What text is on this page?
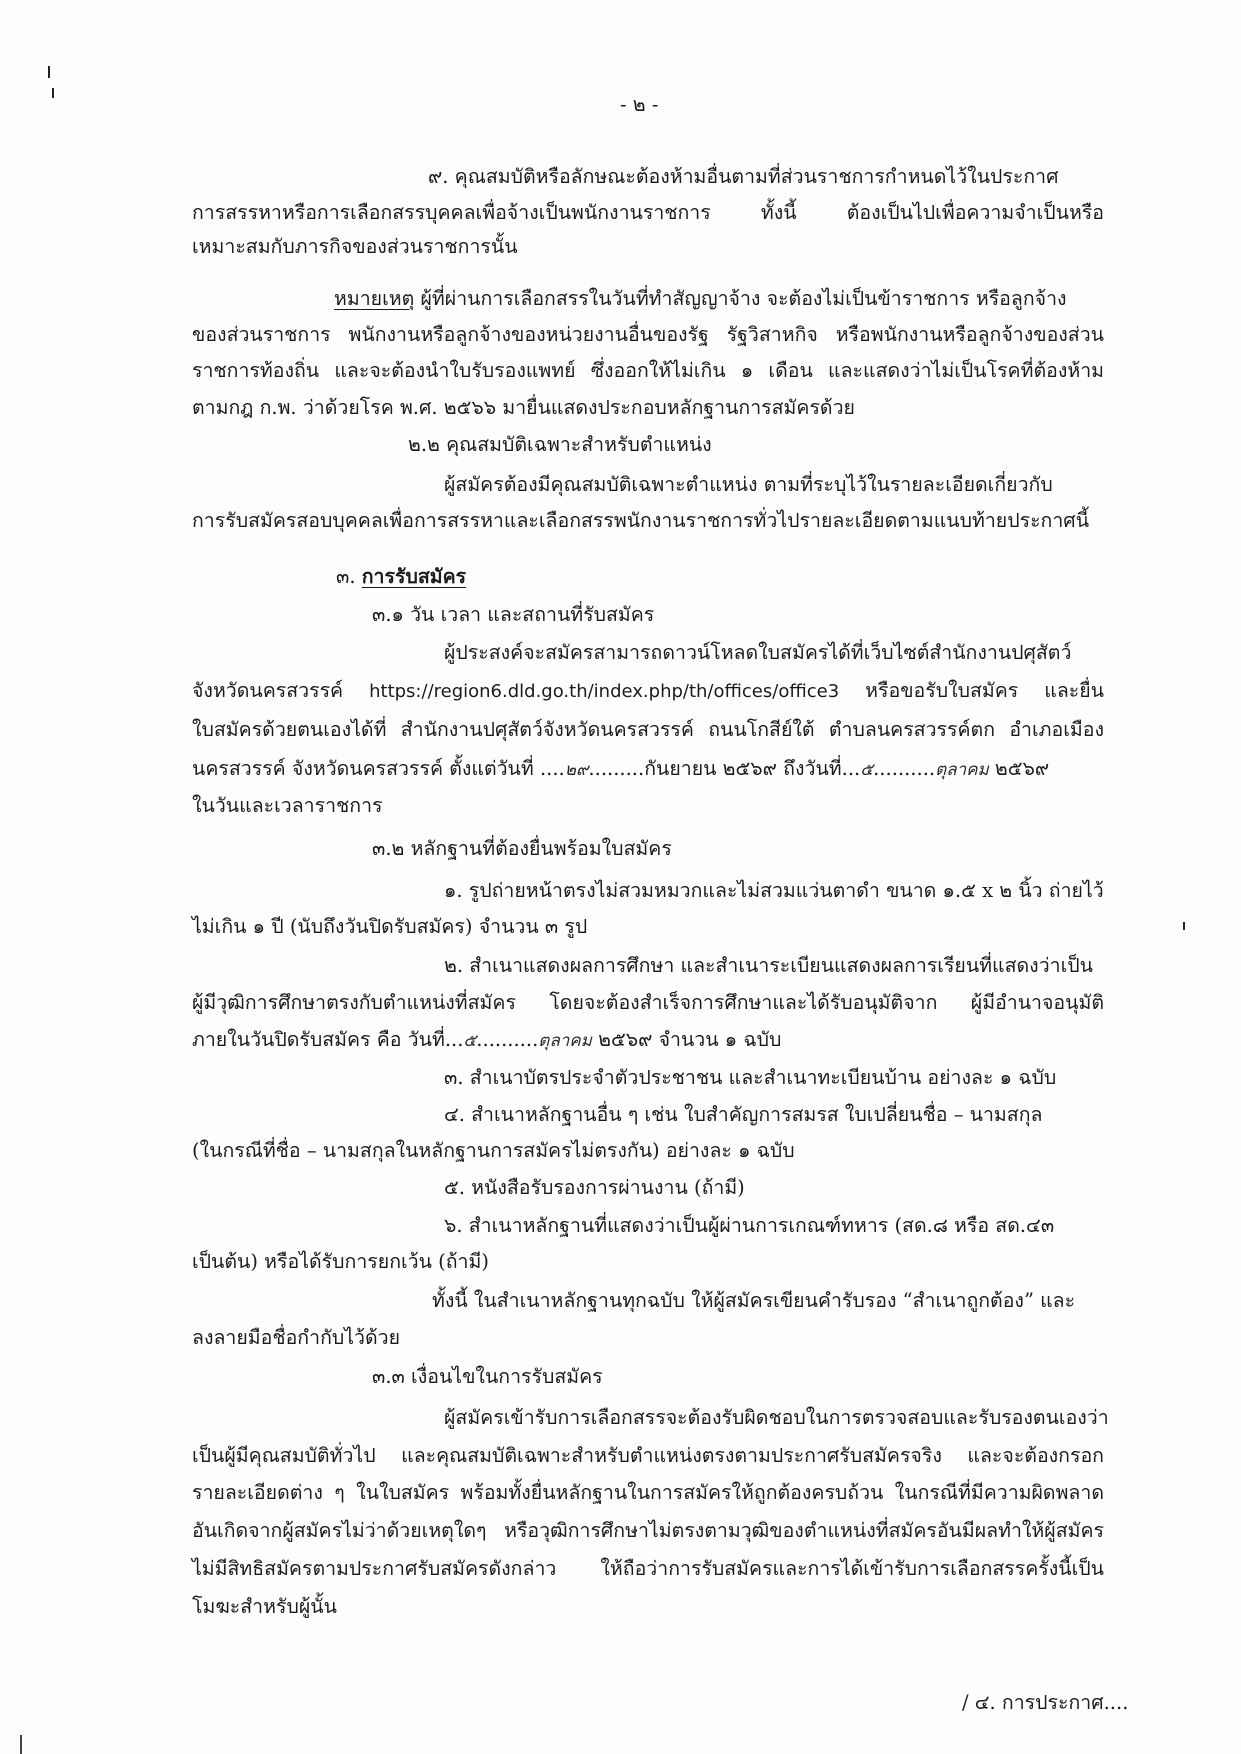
- ๒ -
๙. คุณสมบัติหรือลักษณะต้องห้ามอื่นตามที่ส่วนราชการกำหนดไว้ในประกาศ
การสรรหาหรือการเลือกสรรบุคคลเพื่อจ้างเป็นพนักงานราชการ ทั้งนี้ ต้องเป็นไปเพื่อความจำเป็นหรือ
เหมาะสมกับภารกิจของส่วนราชการนั้น
หมายเหตุ ผู้ที่ผ่านการเลือกสรรในวันที่ทำสัญญาจ้าง จะต้องไม่เป็นข้าราชการ หรือลูกจ้าง
ของส่วนราชการ พนักงานหรือลูกจ้างของหน่วยงานอื่นของรัฐ รัฐวิสาหกิจ หรือพนักงานหรือลูกจ้างของส่วน
ราชการท้องถิ่น และจะต้องนำใบรับรองแพทย์ ซึ่งออกให้ไม่เกิน ๑ เดือน และแสดงว่าไม่เป็นโรคที่ต้องห้าม
ตามกฎ ก.พ. ว่าด้วยโรค พ.ศ. ๒๕๖๖ มายื่นแสดงประกอบหลักฐานการสมัครด้วย
๒.๒ คุณสมบัติเฉพาะสำหรับตำแหน่ง
ผู้สมัครต้องมีคุณสมบัติเฉพาะตำแหน่ง ตามที่ระบุไว้ในรายละเอียดเกี่ยวกับ
การรับสมัครสอบบุคคลเพื่อการสรรหาและเลือกสรรพนักงานราชการทั่วไปรายละเอียดตามแนบท้ายประกาศนี้
๓. การรับสมัคร
๓.๑ วัน เวลา และสถานที่รับสมัคร
ผู้ประสงค์จะสมัครสามารถดาวน์โหลดใบสมัครได้ที่เว็บไซต์สำนักงานปศุสัตว์
จังหวัดนครสวรรค์ https://region6.dld.go.th/index.php/th/offices/office3 หรือขอรับใบสมัคร และยื่น
ใบสมัครด้วยตนเองได้ที่ สำนักงานปศุสัตว์จังหวัดนครสวรรค์ ถนนโกสีย์ใต้ ตำบลนครสวรรค์ตก อำเภอเมือง
นครสวรรค์ จังหวัดนครสวรรค์ ตั้งแต่วันที่ ....๒๙.........กันยายน ๒๕๖๙ ถึงวันที่...๕..........ตุลาคม ๒๕๖๙
ในวันและเวลาราชการ
๓.๒ หลักฐานที่ต้องยื่นพร้อมใบสมัคร
๑. รูปถ่ายหน้าตรงไม่สวมหมวกและไม่สวมแว่นตาดำ ขนาด ๑.๕ x ๒ นิ้ว ถ่ายไว้
ไม่เกิน ๑ ปี (นับถึงวันปิดรับสมัคร) จำนวน ๓ รูป
๒. สำเนาแสดงผลการศึกษา และสำเนาระเบียนแสดงผลการเรียนที่แสดงว่าเป็น
ผู้มีวุฒิการศึกษาตรงกับตำแหน่งที่สมัคร โดยจะต้องสำเร็จการศึกษาและได้รับอนุมัติจาก ผู้มีอำนาจอนุมัติ
ภายในวันปิดรับสมัคร คือ วันที่...๕..........ตุลาคม ๒๕๖๙ จำนวน ๑ ฉบับ
๓. สำเนาบัตรประจำตัวประชาชน และสำเนาทะเบียนบ้าน อย่างละ ๑ ฉบับ
๔. สำเนาหลักฐานอื่น ๆ เช่น ใบสำคัญการสมรส ใบเปลี่ยนชื่อ – นามสกุล
(ในกรณีที่ชื่อ – นามสกุลในหลักฐานการสมัครไม่ตรงกัน) อย่างละ ๑ ฉบับ
๕. หนังสือรับรองการผ่านงาน (ถ้ามี)
๖. สำเนาหลักฐานที่แสดงว่าเป็นผู้ผ่านการเกณฑ์ทหาร (สด.๘ หรือ สด.๔๓
เป็นต้น) หรือได้รับการยกเว้น (ถ้ามี)
ทั้งนี้ ในสำเนาหลักฐานทุกฉบับ ให้ผู้สมัครเขียนคำรับรอง “สำเนาถูกต้อง” และ
ลงลายมือชื่อกำกับไว้ด้วย
๓.๓ เงื่อนไขในการรับสมัคร
ผู้สมัครเข้ารับการเลือกสรรจะต้องรับผิดชอบในการตรวจสอบและรับรองตนเองว่า
เป็นผู้มีคุณสมบัติทั่วไป และคุณสมบัติเฉพาะสำหรับตำแหน่งตรงตามประกาศรับสมัครจริง และจะต้องกรอก
รายละเอียดต่าง ๆ ในใบสมัคร พร้อมทั้งยื่นหลักฐานในการสมัครให้ถูกต้องครบถ้วน ในกรณีที่มีความผิดพลาด
อันเกิดจากผู้สมัครไม่ว่าด้วยเหตุใดๆ หรือวุฒิการศึกษาไม่ตรงตามวุฒิของตำแหน่งที่สมัครอันมีผลทำให้ผู้สมัคร
ไม่มีสิทธิสมัครตามประกาศรับสมัครดังกล่าว ให้ถือว่าการรับสมัครและการได้เข้ารับการเลือกสรรครั้งนี้เป็น
โมฆะสำหรับผู้นั้น
/ ๔. การประกาศ....
